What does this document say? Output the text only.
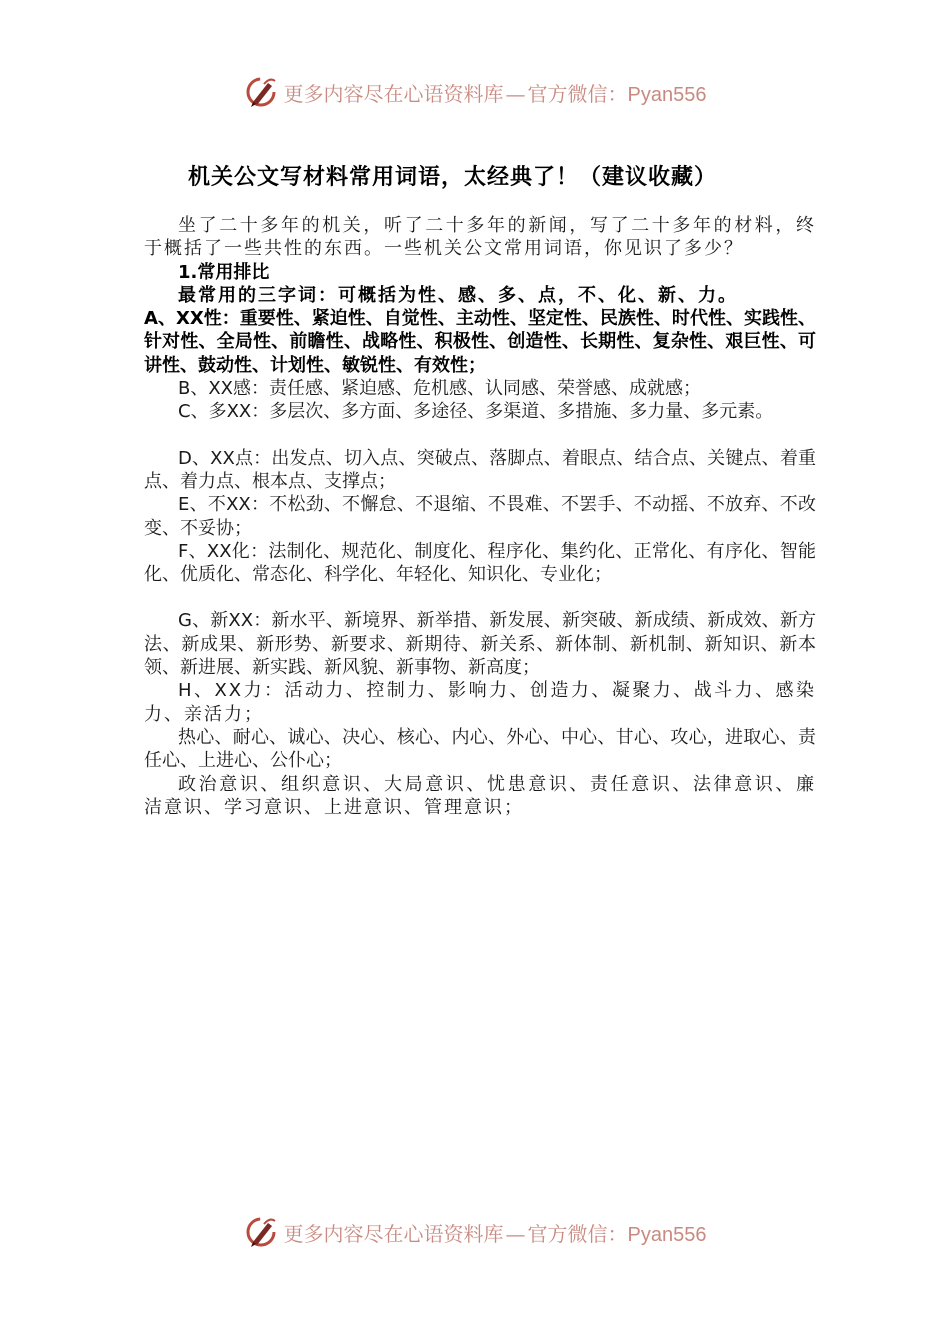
更多内容尽在心语资料库 — 官方微信：Pyan556
机关公文写材料常用词语，太经典了！（建议收藏）

坐了二十多年的机关，听了二十多年的新闻，写了二十多年的材料，终于概括了一些共性的东西。一些机关公文常用词语，你见识了多少？

1.常用排比

最常用的三字词：可概括为性、感、多、点，不、化、新、力。

A、XX性：重要性、紧迫性、自觉性、主动性、坚定性、民族性、时代性、实践性、针对性、全局性、前瞻性、战略性、积极性、创造性、长期性、复杂性、艰巨性、可讲性、鼓动性、计划性、敏锐性、有效性；

B、XX感：责任感、紧迫感、危机感、认同感、荣誉感、成就感；

C、多XX：多层次、多方面、多途径、多渠道、多措施、多力量、多元素。

D、XX点：出发点、切入点、突破点、落脚点、着眼点、结合点、关键点、着重点、着力点、根本点、支撑点；

E、不XX：不松劲、不懈怠、不退缩、不畏难、不罢手、不动摇、不放弃、不改变、不妥协；

F、XX化：法制化、规范化、制度化、程序化、集约化、正常化、有序化、智能化、优质化、常态化、科学化、年轻化、知识化、专业化；

G、新XX：新水平、新境界、新举措、新发展、新突破、新成绩、新成效、新方法、新成果、新形势、新要求、新期待、新关系、新体制、新机制、新知识、新本领、新进展、新实践、新风貌、新事物、新高度；

H、XX力：活动力、控制力、影响力、创造力、凝聚力、战斗力、感染力、亲活力；

热心、耐心、诚心、决心、核心、内心、外心、中心、甘心、攻心，进取心、责任心、上进心、公仆心；

政治意识、组织意识、大局意识、忧患意识、责任意识、法律意识、廉洁意识、学习意识、上进意识、管理意识；

更多内容尽在心语资料库 — 官方微信：Pyan556
